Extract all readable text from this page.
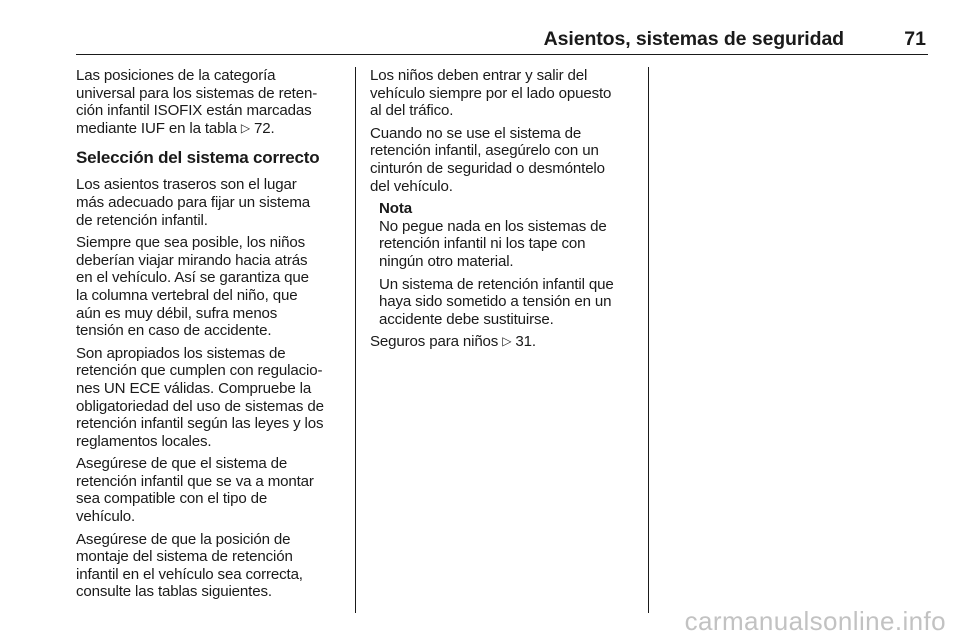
Asientos, sistemas de seguridad	71
Las posiciones de la categoría
universal para los sistemas de reten-
ción infantil ISOFIX están marcadas
mediante IUF en la tabla ▷ 72.
Selección del sistema correcto
Los asientos traseros son el lugar
más adecuado para fijar un sistema
de retención infantil.
Siempre que sea posible, los niños
deberían viajar mirando hacia atrás
en el vehículo. Así se garantiza que
la columna vertebral del niño, que
aún es muy débil, sufra menos
tensión en caso de accidente.
Son apropiados los sistemas de
retención que cumplen con regulacio-
nes UN ECE válidas. Compruebe la
obligatoriedad del uso de sistemas de
retención infantil según las leyes y los
reglamentos locales.
Asegúrese de que el sistema de
retención infantil que se va a montar
sea compatible con el tipo de
vehículo.
Asegúrese de que la posición de
montaje del sistema de retención
infantil en el vehículo sea correcta,
consulte las tablas siguientes.
Los niños deben entrar y salir del
vehículo siempre por el lado opuesto
al del tráfico.
Cuando no se use el sistema de
retención infantil, asegúrelo con un
cinturón de seguridad o desmóntelo
del vehículo.
Nota
No pegue nada en los sistemas de
retención infantil ni los tape con
ningún otro material.
Un sistema de retención infantil que
haya sido sometido a tensión en un
accidente debe sustituirse.
Seguros para niños ▷ 31.
carmanualsonline.info
